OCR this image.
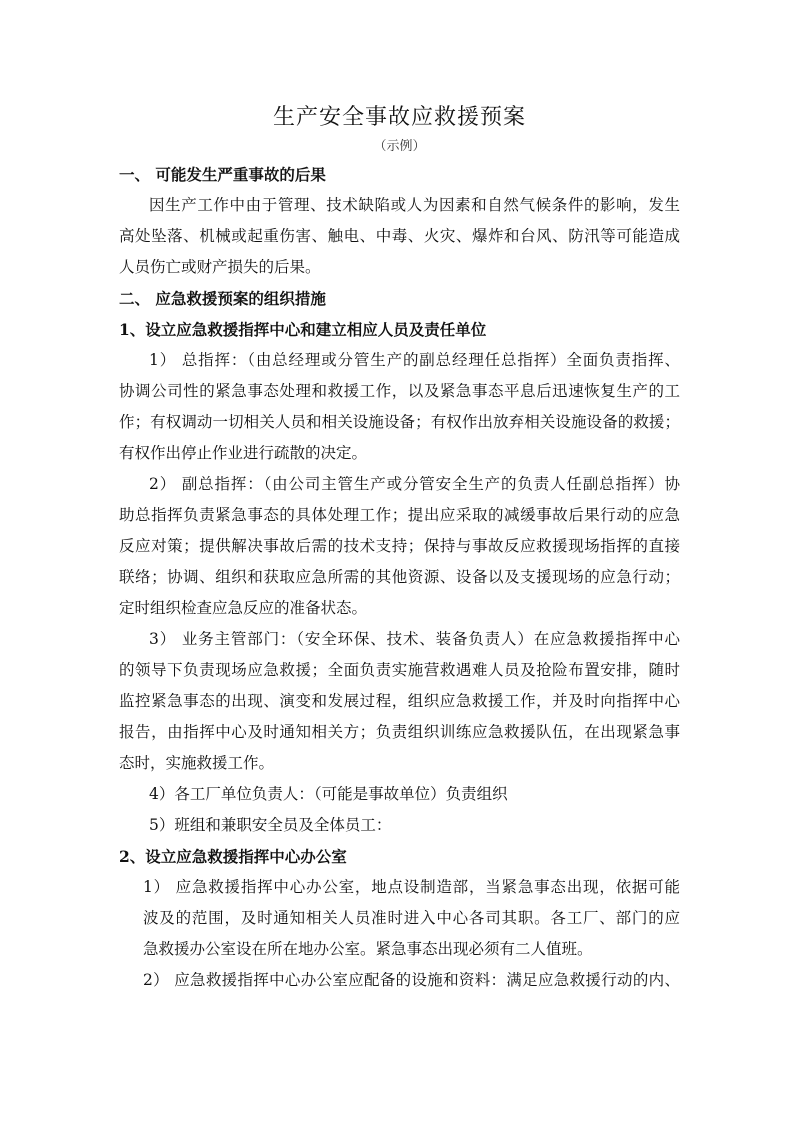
生产安全事故应救援预案
（示例）
一、 可能发生严重事故的后果
因生产工作中由于管理、技术缺陷或人为因素和自然气候条件的影响，发生
高处坠落、机械或起重伤害、触电、中毒、火灾、爆炸和台风、防汛等可能造成
人员伤亡或财产损失的后果。
二、 应急救援预案的组织措施
1、设立应急救援指挥中心和建立相应人员及责任单位
1） 总指挥：（由总经理或分管生产的副总经理任总指挥）全面负责指挥、
协调公司性的紧急事态处理和救援工作，以及紧急事态平息后迅速恢复生产的工
作；有权调动一切相关人员和相关设施设备；有权作出放弃相关设施设备的救援；
有权作出停止作业进行疏散的决定。
2） 副总指挥：（由公司主管生产或分管安全生产的负责人任副总指挥）协
助总指挥负责紧急事态的具体处理工作；提出应采取的减缓事故后果行动的应急
反应对策；提供解决事故后需的技术支持；保持与事故反应救援现场指挥的直接
联络；协调、组织和获取应急所需的其他资源、设备以及支援现场的应急行动；
定时组织检查应急反应的准备状态。
3） 业务主管部门：（安全环保、技术、装备负责人）在应急救援指挥中心
的领导下负责现场应急救援；全面负责实施营救遇难人员及抢险布置安排，随时
监控紧急事态的出现、演变和发展过程，组织应急救援工作，并及时向指挥中心
报告，由指挥中心及时通知相关方；负责组织训练应急救援队伍，在出现紧急事
态时，实施救援工作。
4）各工厂单位负责人：（可能是事故单位）负责组织
5）班组和兼职安全员及全体员工：
2、设立应急救援指挥中心办公室
1） 应急救援指挥中心办公室，地点设制造部，当紧急事态出现，依据可能
波及的范围，及时通知相关人员准时进入中心各司其职。各工厂、部门的应
急救援办公室设在所在地办公室。紧急事态出现必须有二人值班。
2） 应急救援指挥中心办公室应配备的设施和资料：满足应急救援行动的内、
